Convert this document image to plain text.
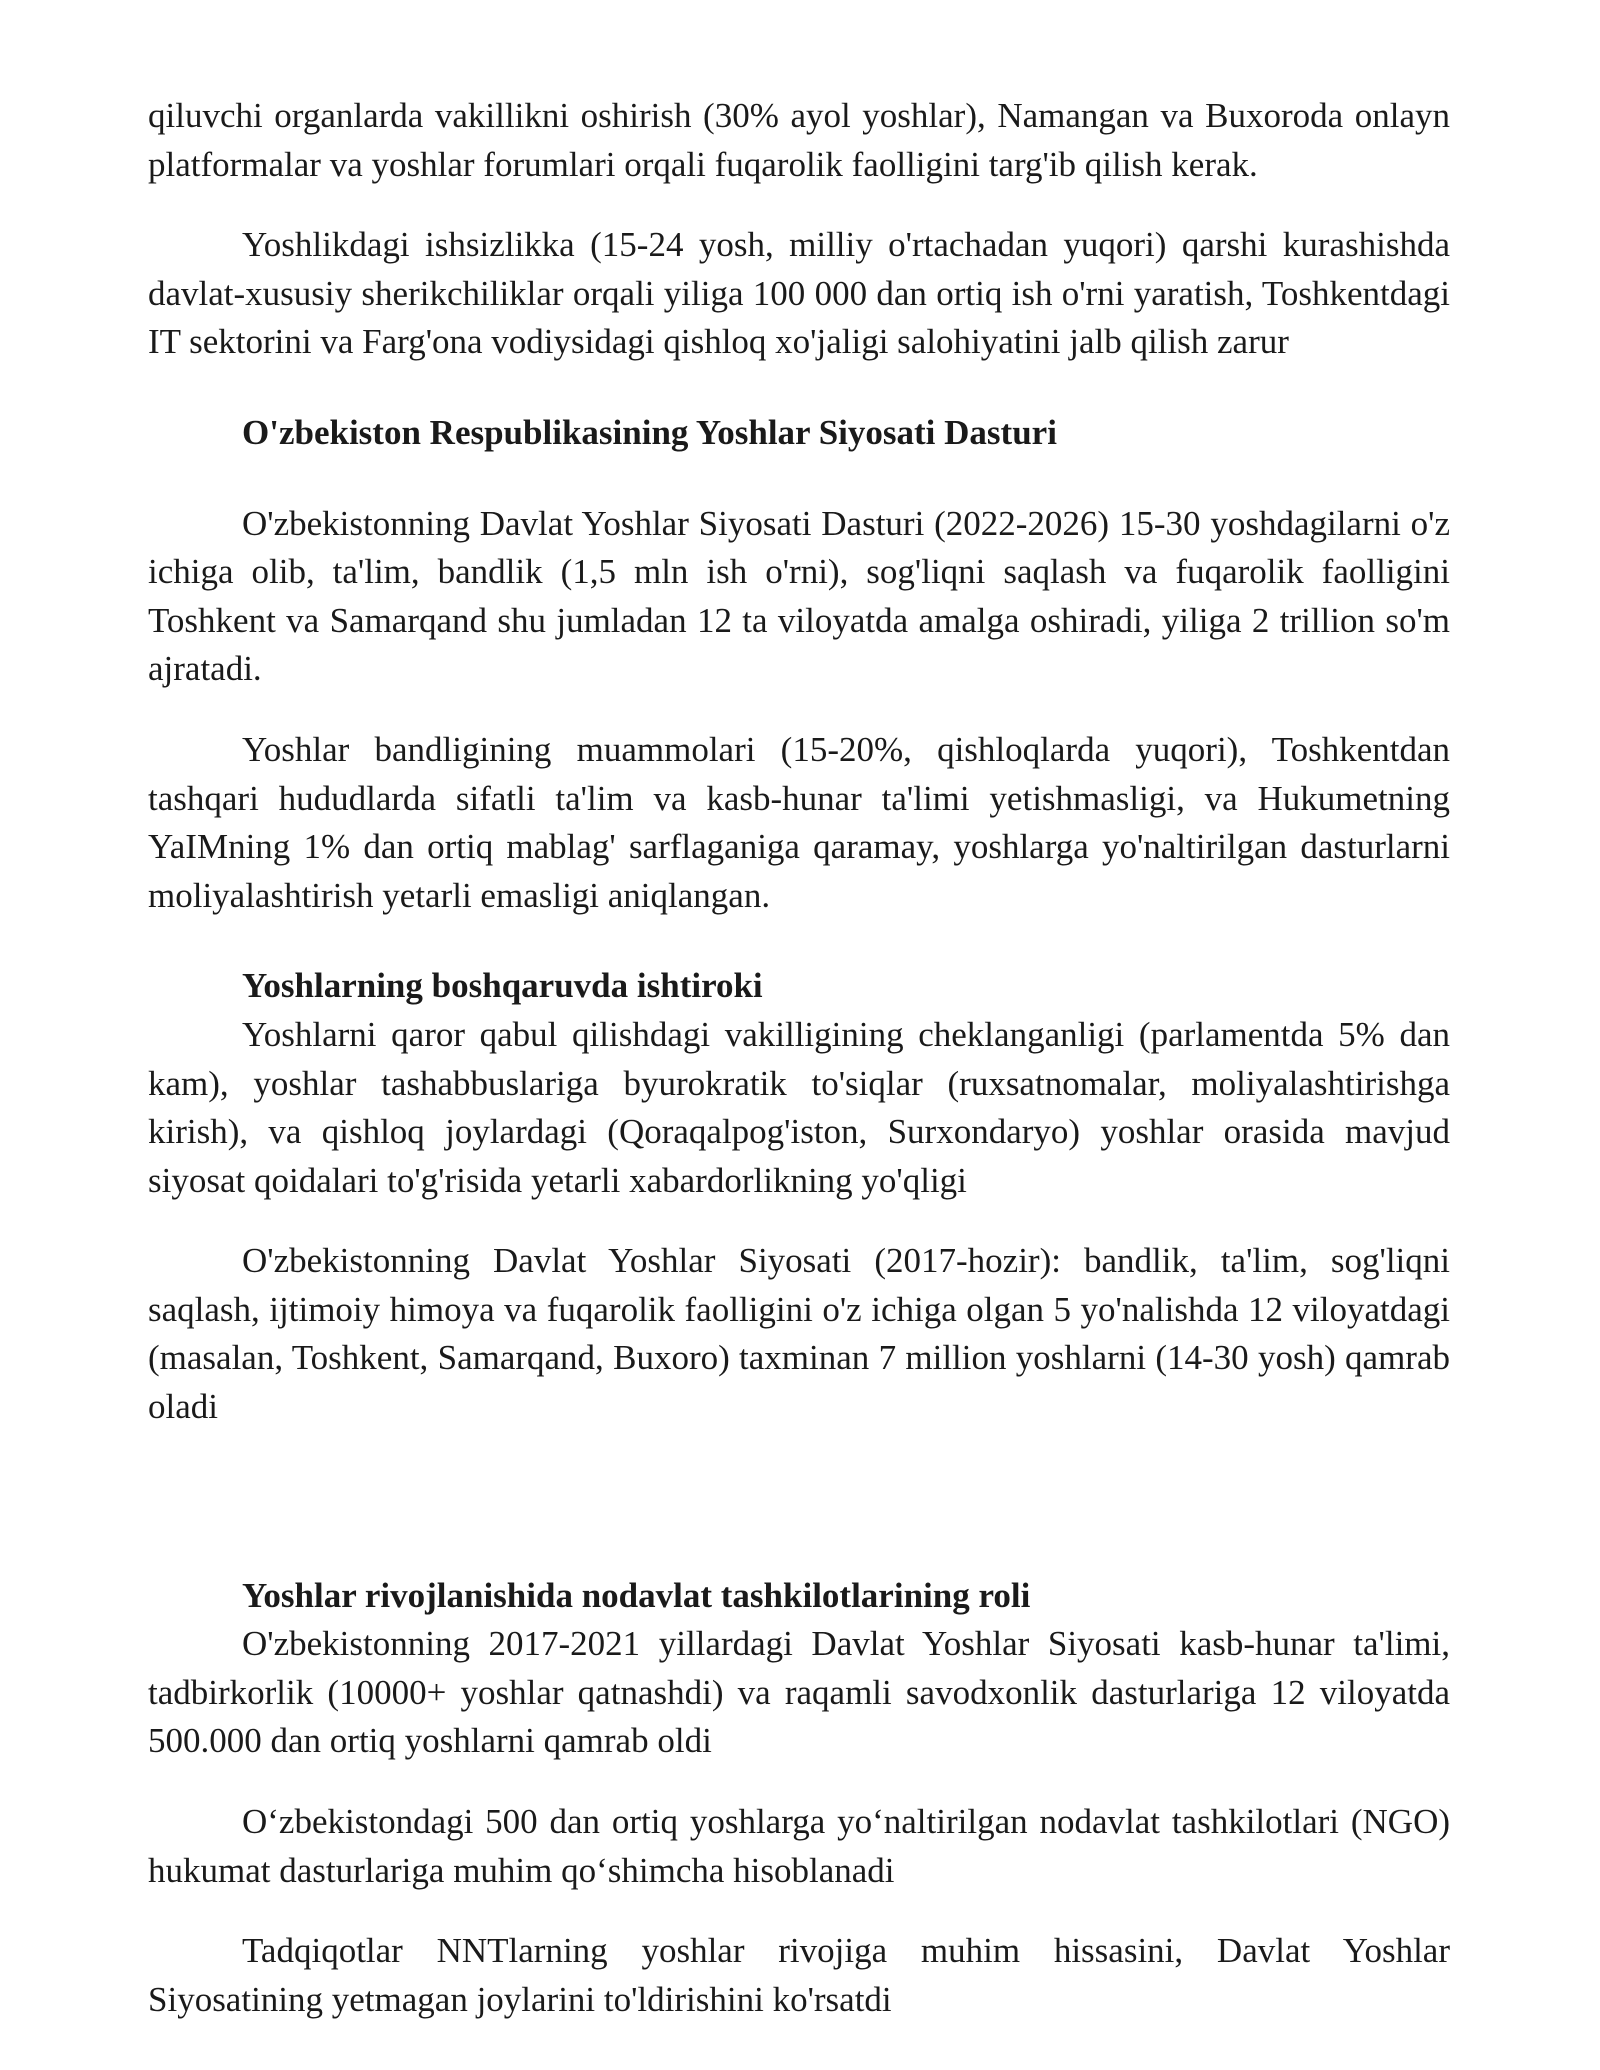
qiluvchi organlarda vakillikni oshirish (30% ayol yoshlar), Namangan va Buxoroda onlayn platformalar va yoshlar forumlari orqali fuqarolik faolligini targ'ib qilish kerak.

Yoshlikdagi ishsizlikka (15-24 yosh, milliy o'rtachadan yuqori) qarshi kurashishda davlat-xususiy sherikchiliklar orqali yiliga 100 000 dan ortiq ish o'rni yaratish, Toshkentdagi IT sektorini va Farg'ona vodiysidagi qishloq xo'jaligi salohiyatini jalb qilish zarur

O'zbekiston Respublikasining Yoshlar Siyosati Dasturi

O'zbekistonning Davlat Yoshlar Siyosati Dasturi (2022-2026) 15-30 yoshdagilarni o'z ichiga olib, ta'lim, bandlik (1,5 mln ish o'rni), sog'liqni saqlash va fuqarolik faolligini Toshkent va Samarqand shu jumladan 12 ta viloyatda amalga oshiradi, yiliga 2 trillion so'm ajratadi.

Yoshlar bandligining muammolari (15-20%, qishloqlarda yuqori), Toshkentdan tashqari hududlarda sifatli ta'lim va kasb-hunar ta'limi yetishmasligi, va Hukumetning YaIMning 1% dan ortiq mablag' sarflaganiga qaramay, yoshlarga yo'naltirilgan dasturlarni moliyalashtirish yetarli emasligi aniqlangan.

Yoshlarning boshqaruvda ishtiroki

Yoshlarni qaror qabul qilishdagi vakilligining cheklanganligi (parlamentda 5% dan kam), yoshlar tashabbuslariga byurokratik to'siqlar (ruxsatnomalar, moliyalashtirishga kirish), va qishloq joylardagi (Qoraqalpog'iston, Surxondaryo) yoshlar orasida mavjud siyosat qoidalari to'g'risida yetarli xabardorlikning yo'qligi

O'zbekistonning Davlat Yoshlar Siyosati (2017-hozir): bandlik, ta'lim, sog'liqni saqlash, ijtimoiy himoya va fuqarolik faolligini o'z ichiga olgan 5 yo'nalishda 12 viloyatdagi (masalan, Toshkent, Samarqand, Buxoro) taxminan 7 million yoshlarni (14-30 yosh) qamrab oladi

Yoshlar rivojlanishida nodavlat tashkilotlarining roli

O'zbekistonning 2017-2021 yillardagi Davlat Yoshlar Siyosati kasb-hunar ta'limi, tadbirkorlik (10000+ yoshlar qatnashdi) va raqamli savodxonlik dasturlariga 12 viloyatda 500.000 dan ortiq yoshlarni qamrab oldi

O‘zbekistondagi 500 dan ortiq yoshlarga yo‘naltirilgan nodavlat tashkilotlari (NGO) hukumat dasturlariga muhim qo‘shimcha hisoblanadi

Tadqiqotlar NNTlarning yoshlar rivojiga muhim hissasini, Davlat Yoshlar Siyosatining yetmagan joylarini to'ldirishini ko'rsatdi
